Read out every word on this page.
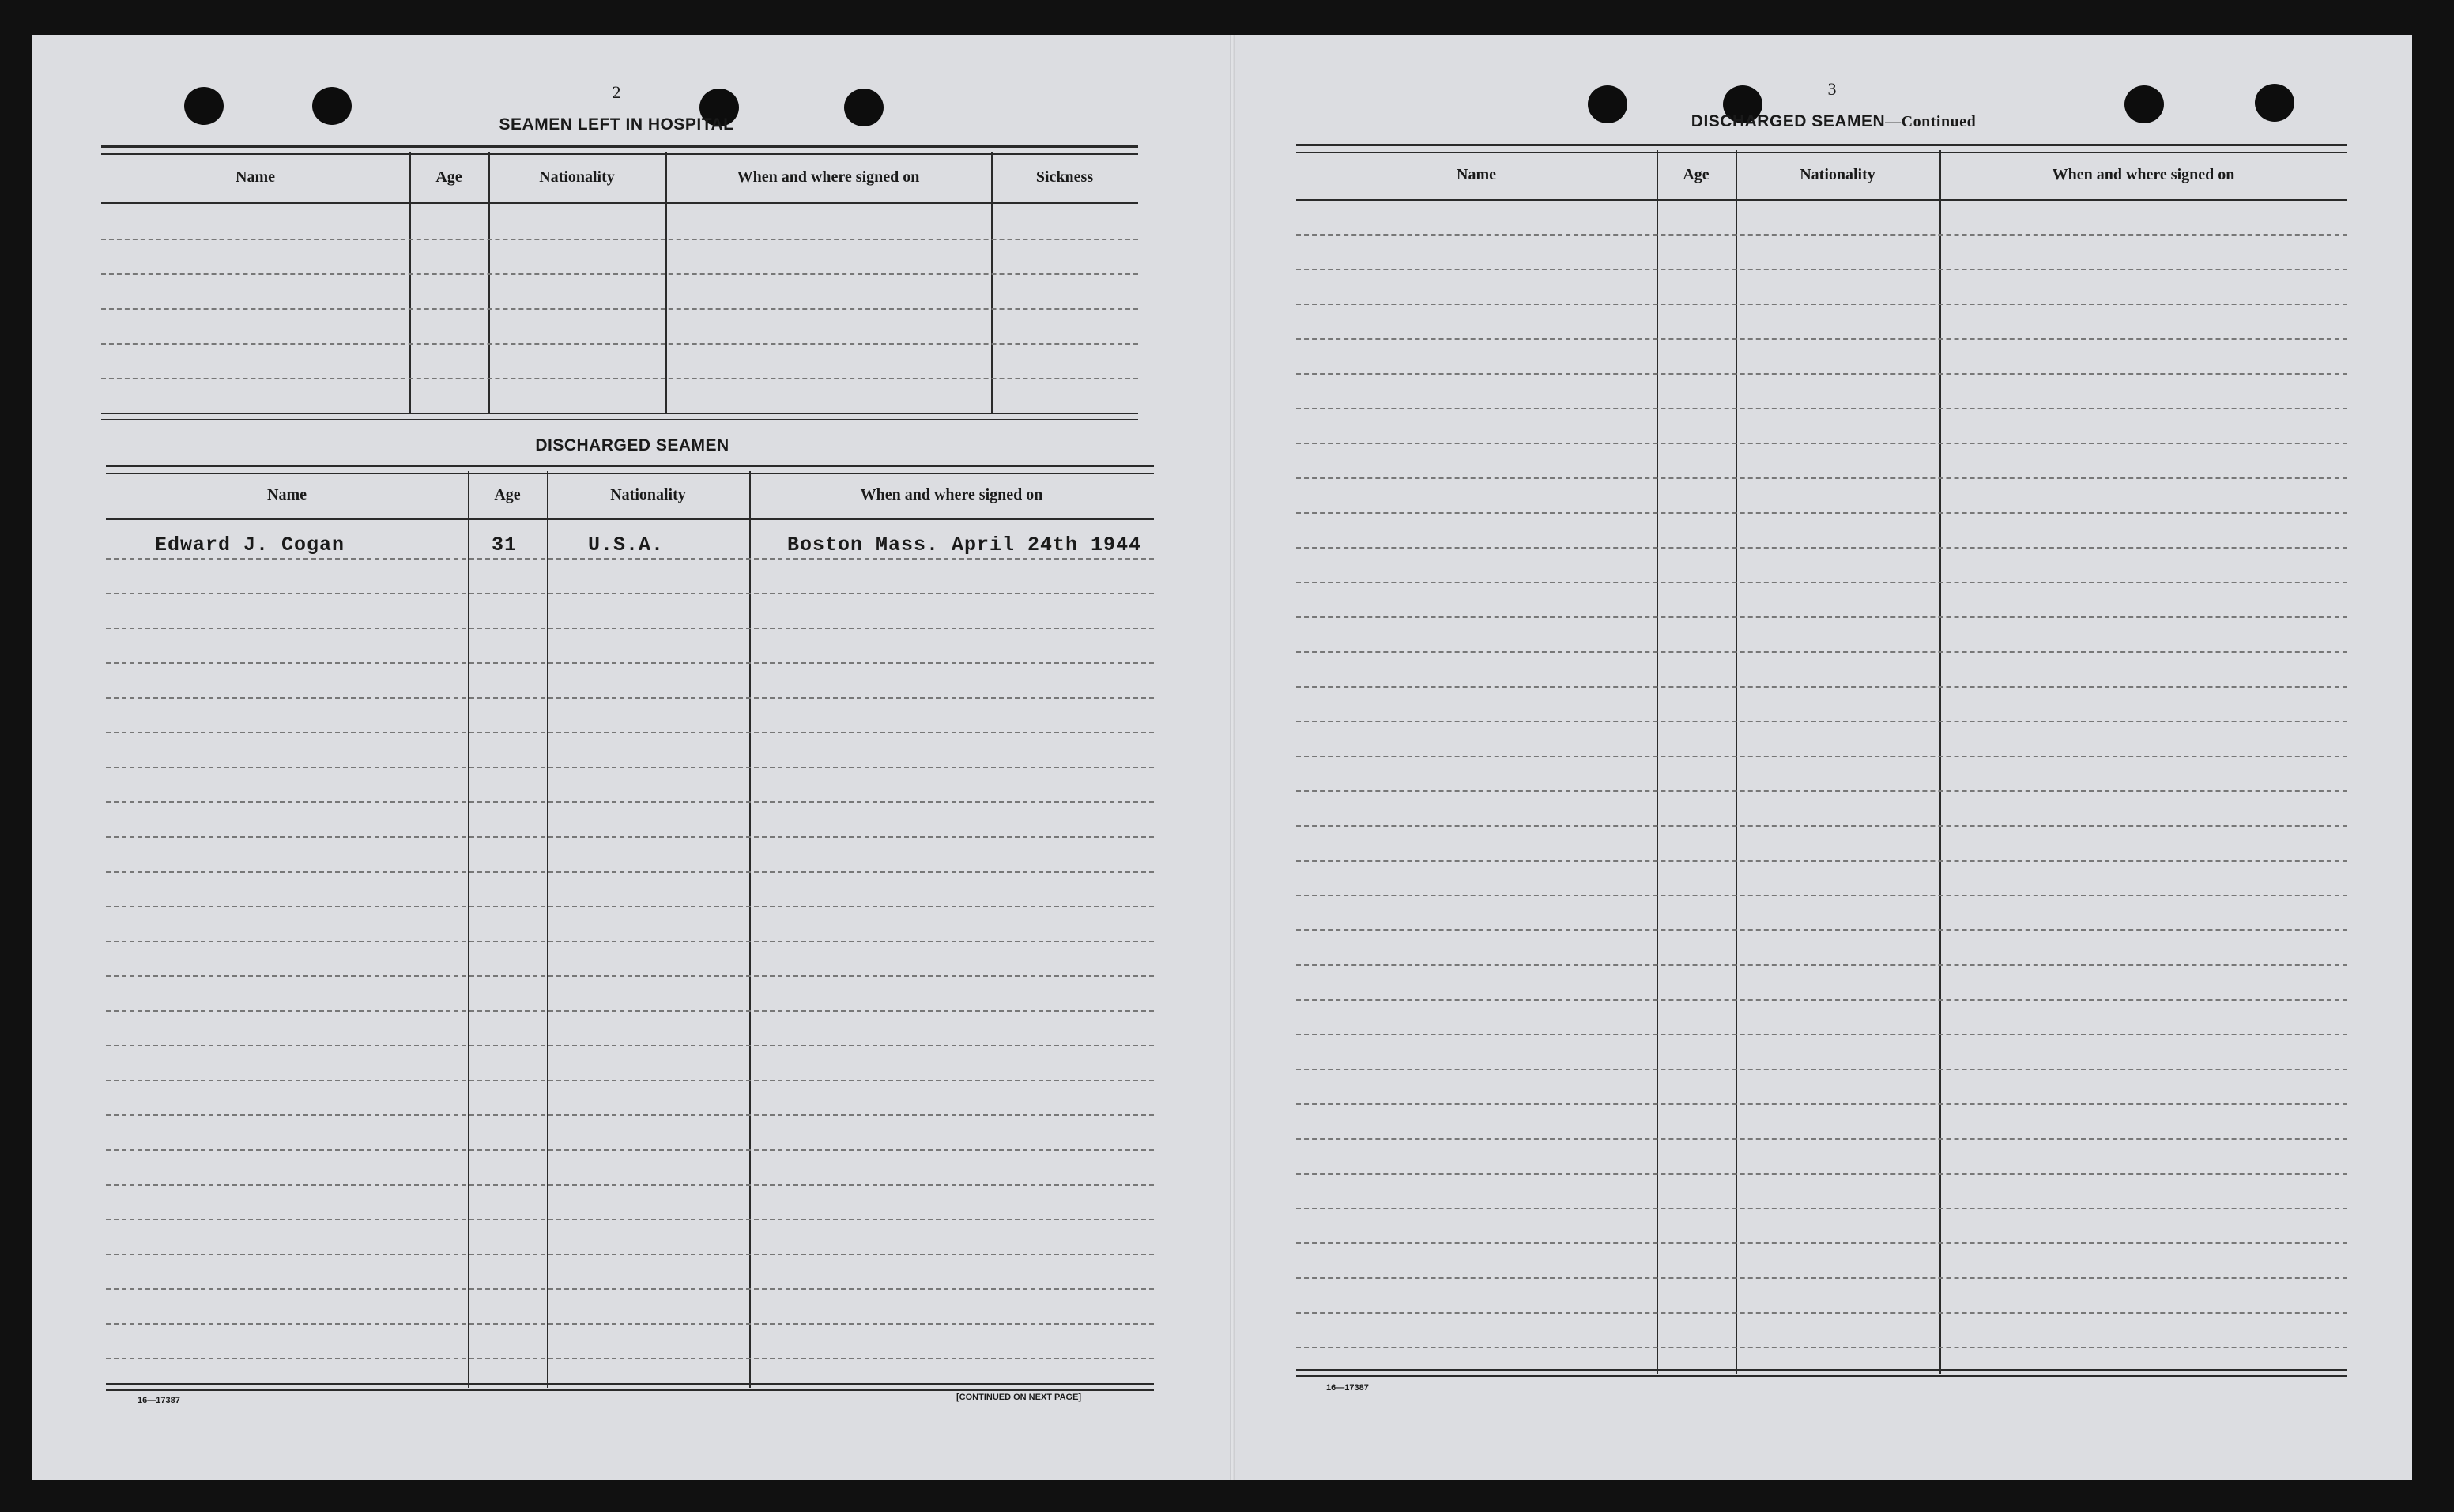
2
SEAMEN LEFT IN HOSPITAL
Name	Age	Nationality	When and where signed on	Sickness
DISCHARGED SEAMEN
Name	Age	Nationality	When and where signed on
Edward J. Cogan	31	U.S.A.	Boston Mass. April 24th 1944
16—17387	[CONTINUED ON NEXT PAGE]
3
DISCHARGED SEAMEN—Continued
Name	Age	Nationality	When and where signed on
16—17387
